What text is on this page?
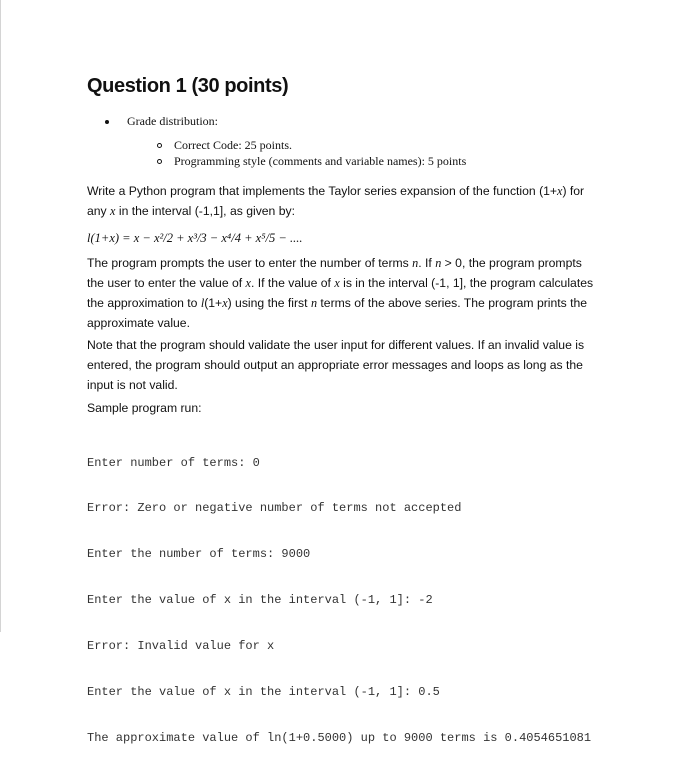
Question 1 (30 points)
Grade distribution:
Correct Code: 25 points.
Programming style (comments and variable names): 5 points

Write a Python program that implements the Taylor series expansion of the function (1+x) for
any x in the interval (-1,1], as given by:

l(1+x) = x − x²/2 + x³/3 − x⁴/4 + x⁵/5 − ....

The program prompts the user to enter the number of terms n. If n > 0, the program prompts
the user to enter the value of x. If the value of x is in the interval (-1, 1], the program calculates
the approximation to l(1+x) using the first n terms of the above series. The program prints the
approximate value.

Note that the program should validate the user input for different values. If an invalid value is
entered, the program should output an appropriate error messages and loops as long as the
input is not valid.

Sample program run:

Enter number of terms: 0

Error: Zero or negative number of terms not accepted

Enter the number of terms: 9000

Enter the value of x in the interval (-1, 1]: -2

Error: Invalid value for x

Enter the value of x in the interval (-1, 1]: 0.5

The approximate value of ln(1+0.5000) up to 9000 terms is 0.4054651081
